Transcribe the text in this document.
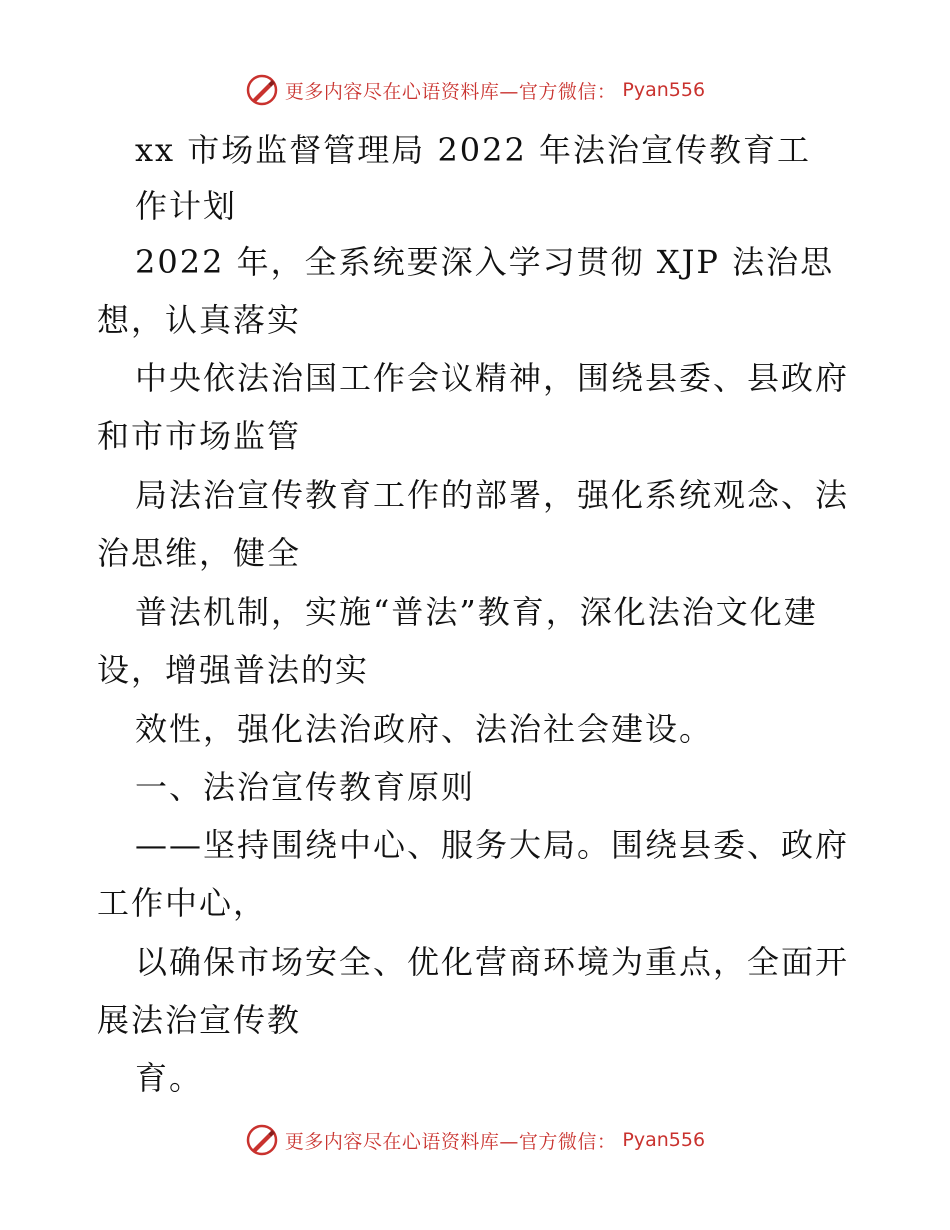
更多内容尽在心语资料库—官方微信： Pyan556
xx 市场监督管理局 2022 年法治宣传教育工
作计划
2022 年，全系统要深入学习贯彻 XJP 法治思
想，认真落实
中央依法治国工作会议精神，围绕县委、县政府
和市市场监管
局法治宣传教育工作的部署，强化系统观念、法
治思维，健全
普法机制，实施“普法”教育，深化法治文化建
设，增强普法的实
效性，强化法治政府、法治社会建设。
一、法治宣传教育原则
——坚持围绕中心、服务大局。围绕县委、政府
工作中心，
以确保市场安全、优化营商环境为重点，全面开
展法治宣传教
育。
更多内容尽在心语资料库—官方微信： Pyan556
